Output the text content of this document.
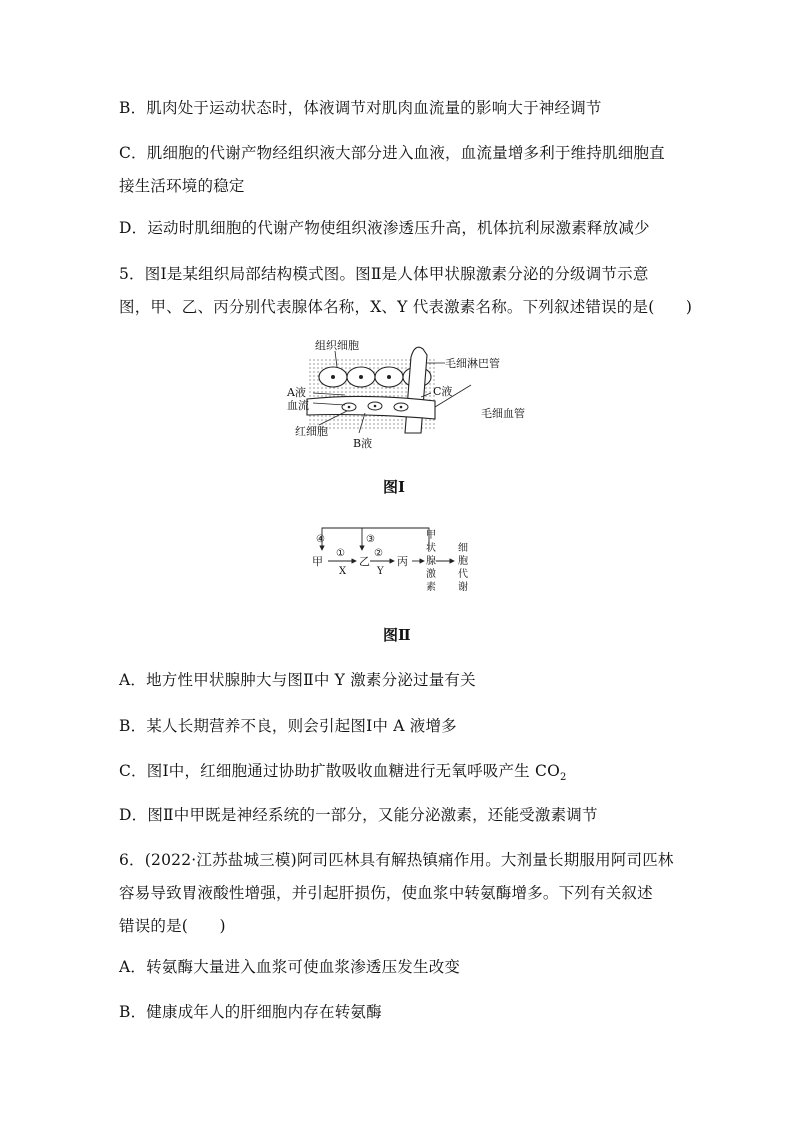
B．肌肉处于运动状态时，体液调节对肌肉血流量的影响大于神经调节
C．肌细胞的代谢产物经组织液大部分进入血液，血流量增多利于维持肌细胞直
接生活环境的稳定
D．运动时肌细胞的代谢产物使组织液渗透压升高，机体抗利尿激素释放减少
5．图Ⅰ是某组织局部结构模式图。图Ⅱ是人体甲状腺激素分泌的分级调节示意
图，甲、乙、丙分别代表腺体名称，X、Y 代表激素名称。下列叙述错误的是(　　)
组织细胞
毛细淋巴管
A液	C液
血流
毛细血管
红细胞
B液
图Ⅰ
甲	乙 丙
④	③
①	②
X	Y
甲
状
腺
激
素
细
胞
代
谢
图Ⅱ
A．地方性甲状腺肿大与图Ⅱ中 Y 激素分泌过量有关
B．某人长期营养不良，则会引起图Ⅰ中 A 液增多
C．图Ⅰ中，红细胞通过协助扩散吸收血糖进行无氧呼吸产生 $CO_2$
D．图Ⅱ中甲既是神经系统的一部分，又能分泌激素，还能受激素调节
6．(2022·江苏盐城三模)阿司匹林具有解热镇痛作用。大剂量长期服用阿司匹林
容易导致胃液酸性增强，并引起肝损伤，使血浆中转氨酶增多。下列有关叙述
错误的是(　　)
A．转氨酶大量进入血浆可使血浆渗透压发生改变
B．健康成年人的肝细胞内存在转氨酶
